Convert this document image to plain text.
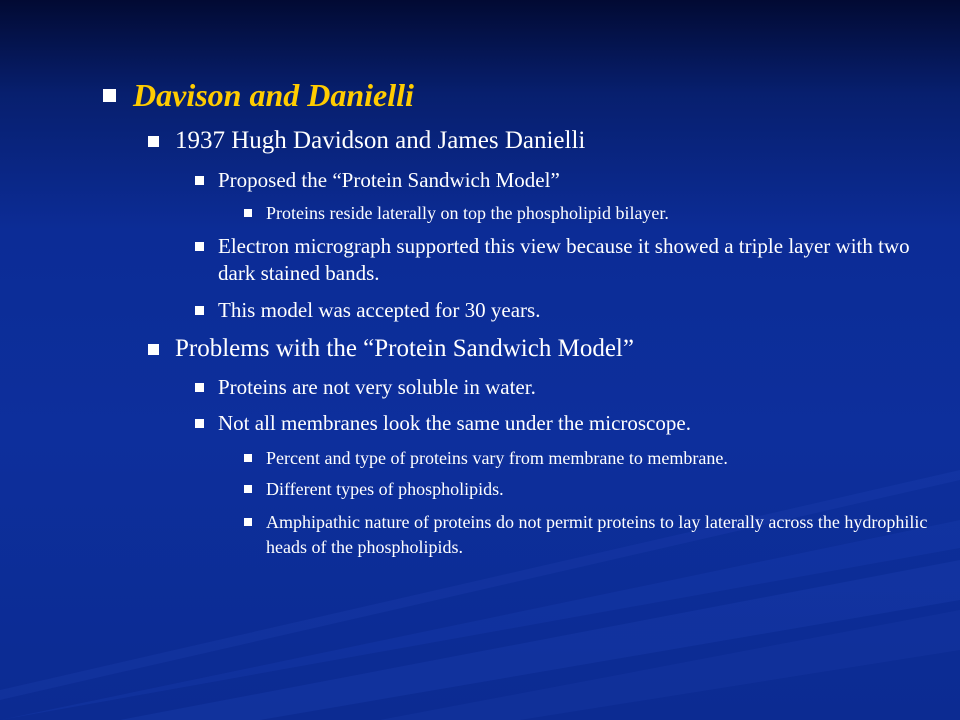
Davison and Danielli
1937 Hugh Davidson and James Danielli
Proposed the “Protein Sandwich Model”
Proteins reside laterally on top the phospholipid bilayer.
Electron micrograph supported this view because it showed a triple layer with two dark stained bands.
This model was accepted for 30 years.
Problems with the “Protein Sandwich Model”
Proteins are not very soluble in water.
Not all membranes look the same under the microscope.
Percent and type of proteins vary from membrane to membrane.
Different types of phospholipids.
Amphipathic nature of proteins do not permit proteins to lay laterally across the hydrophilic heads of the phospholipids.
